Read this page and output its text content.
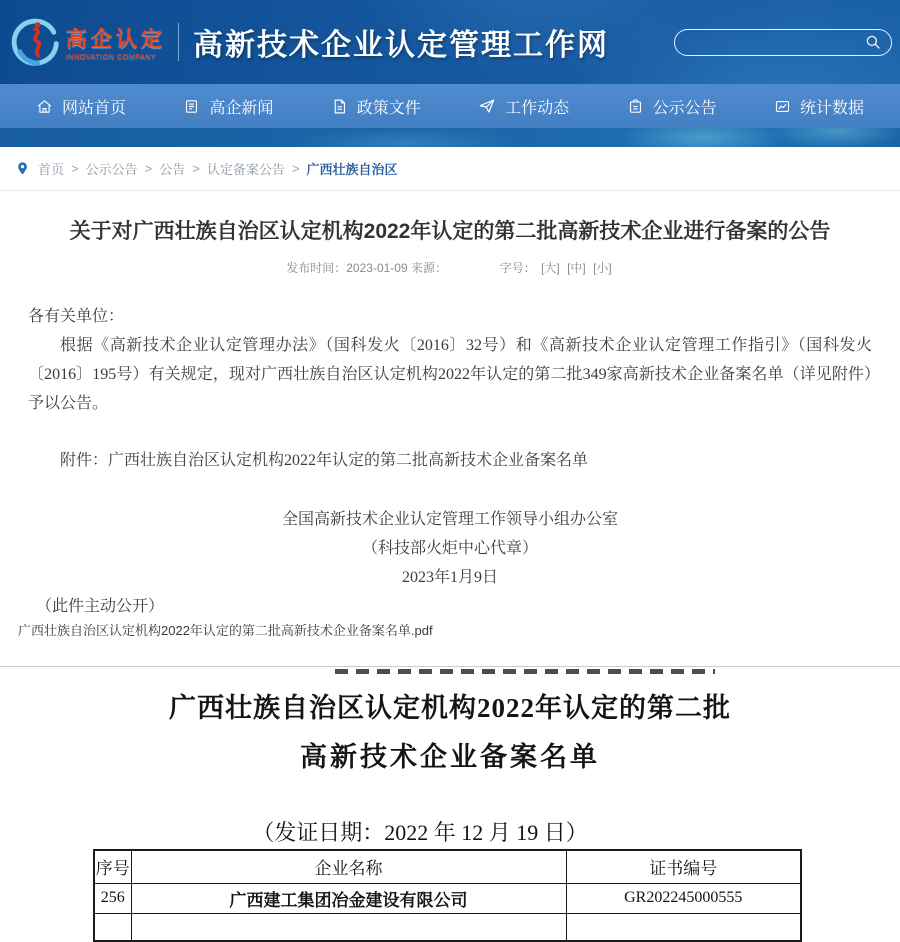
高企认定
INNOVATION COMPANY	高新技术企业认定管理工作网
网站首页	高企新闻	政策文件	工作动态	公示公告	统计数据
首页 > 公示公告 > 公告 > 认定备案公告 > 广西壮族自治区
关于对广西壮族自治区认定机构2022年认定的第二批高新技术企业进行备案的公告
发布时间：2023-01-09 来源：	字号： [大] [中] [小]

各有关单位：

根据《高新技术企业认定管理办法》（国科发火〔2016〕32号）和《高新技术企业认定管理工作指引》（国科发火〔2016〕195号）有关规定，现对广西壮族自治区认定机构2022年认定的第二批349家高新技术企业备案名单（详见附件）予以公告。

附件：广西壮族自治区认定机构2022年认定的第二批高新技术企业备案名单

全国高新技术企业认定管理工作领导小组办公室

（科技部火炬中心代章）

2023年1月9日

（此件主动公开）

广西壮族自治区认定机构2022年认定的第二批高新技术企业备案名单.pdf
广西壮族自治区认定机构2022年认定的第二批
高新技术企业备案名单
（发证日期：2022 年 12 月 19 日）
序号	企业名称	证书编号
256	广西建工集团冶金建设有限公司	GR202245000555
